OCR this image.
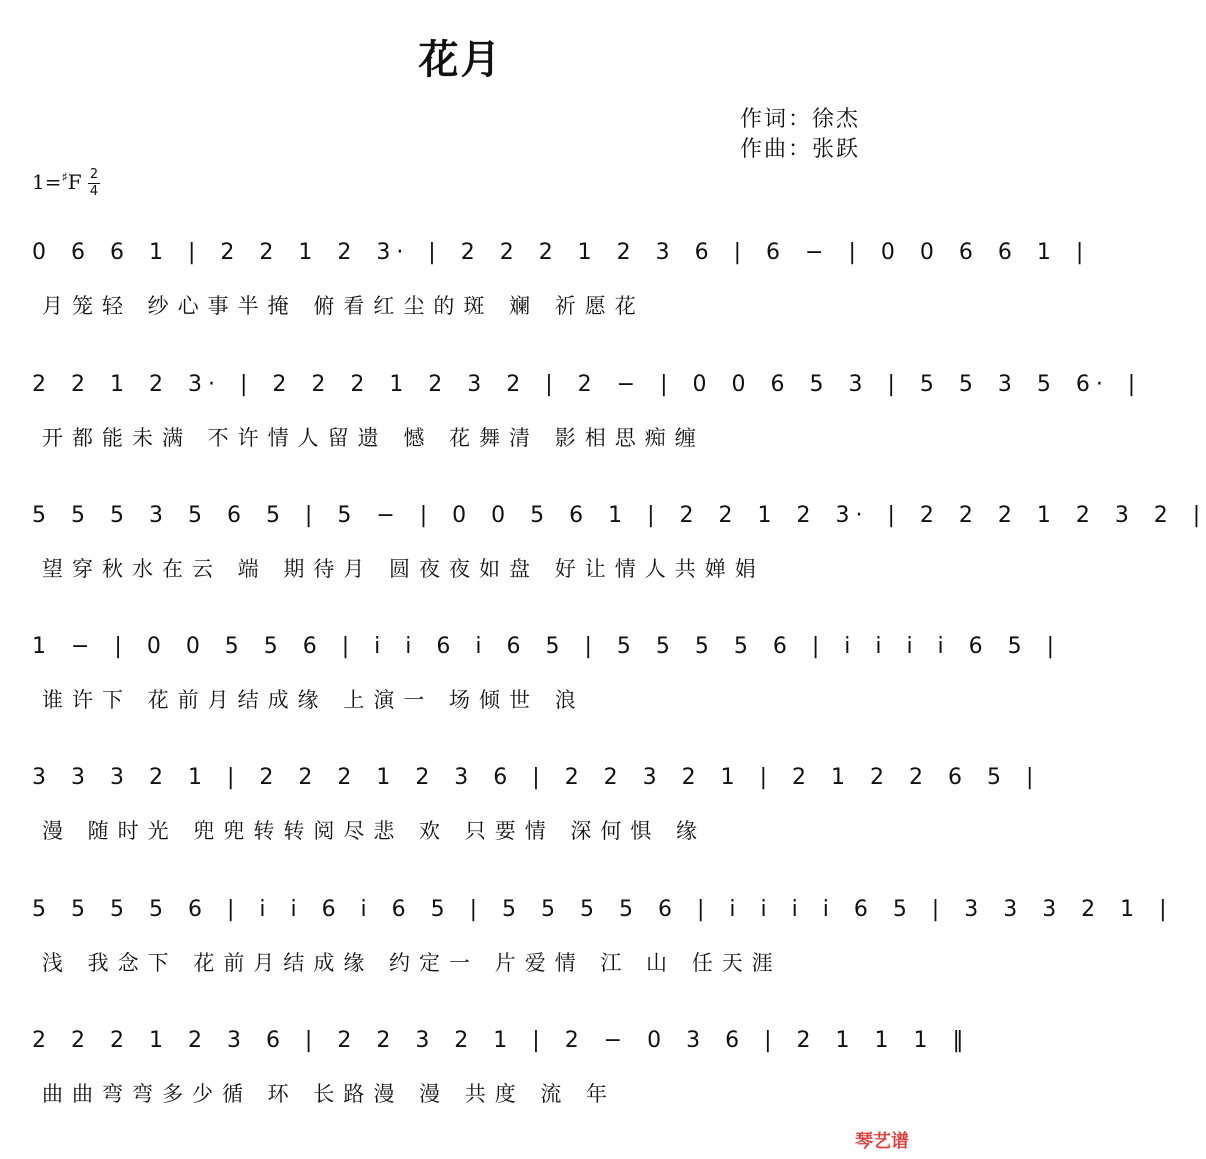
花月
作词：徐杰
作曲：张跃
1=♯F 2
4
0 6 6 1 | 2 2 1 2 3· | 2 2 2 1 2 3 6 | 6 − | 0 0 6 6 1 |
月笼轻 纱心事半掩 俯看红尘的斑 斓 祈愿花
2 2 1 2 3· | 2 2 2 1 2 3 2 | 2 − | 0 0 6 5 3 | 5 5 3 5 6· |
开都能未满 不许情人留遗 憾 花舞清 影相思痴缠
5 5 5 3 5 6 5 | 5 − | 0 0 5 6 1 | 2 2 1 2 3· | 2 2 2 1 2 3 2 |
望穿秋水在云 端 期待月 圆夜夜如盘 好让情人共婵娟
1 − | 0 0 5 5 6 | i i 6 i 6 5 | 5 5 5 5 6 | i i i i 6 5 |
谁许下 花前月结成缘 上演一 场倾世 浪
3 3 3 2 1 | 2 2 2 1 2 3 6 | 2 2 3 2 1 | 2 1 2 2 6 5 |
漫 随时光 兜兜转转阅尽悲 欢 只要情 深何惧 缘
5 5 5 5 6 | i i 6 i 6 5 | 5 5 5 5 6 | i i i i 6 5 | 3 3 3 2 1 |
浅 我念下 花前月结成缘 约定一 片爱情 江 山 任天涯
2 2 2 1 2 3 6 | 2 2 3 2 1 | 2 − 0 3 6 | 2 1 1 1 ‖
曲曲弯弯多少循 环 长路漫 漫 共度 流 年
琴艺谱
